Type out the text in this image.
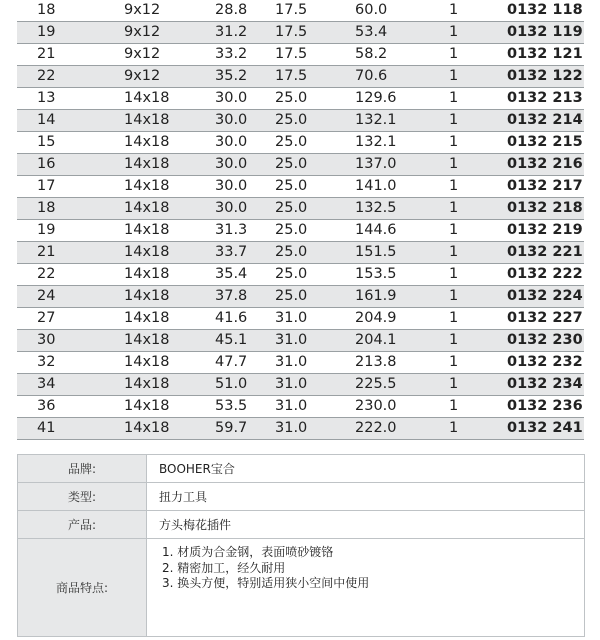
18	9x12	28.8	17.5	60.0	1	0132 118
19	9x12	31.2	17.5	53.4	1	0132 119
21	9x12	33.2	17.5	58.2	1	0132 121
22	9x12	35.2	17.5	70.6	1	0132 122
13	14x18	30.0	25.0	129.6	1	0132 213
14	14x18	30.0	25.0	132.1	1	0132 214
15	14x18	30.0	25.0	132.1	1	0132 215
16	14x18	30.0	25.0	137.0	1	0132 216
17	14x18	30.0	25.0	141.0	1	0132 217
18	14x18	30.0	25.0	132.5	1	0132 218
19	14x18	31.3	25.0	144.6	1	0132 219
21	14x18	33.7	25.0	151.5	1	0132 221
22	14x18	35.4	25.0	153.5	1	0132 222
24	14x18	37.8	25.0	161.9	1	0132 224
27	14x18	41.6	31.0	204.9	1	0132 227
30	14x18	45.1	31.0	204.1	1	0132 230
32	14x18	47.7	31.0	213.8	1	0132 232
34	14x18	51.0	31.0	225.5	1	0132 234
36	14x18	53.5	31.0	230.0	1	0132 236
41	14x18	59.7	31.0	222.0	1	0132 241
品牌:	BOOHER宝合
类型:	扭力工具
产品:	方头梅花插件
商品特点:
1. 材质为合金钢，表面喷砂镀铬
2. 精密加工，经久耐用
3. 换头方便，特别适用狭小空间中使用
